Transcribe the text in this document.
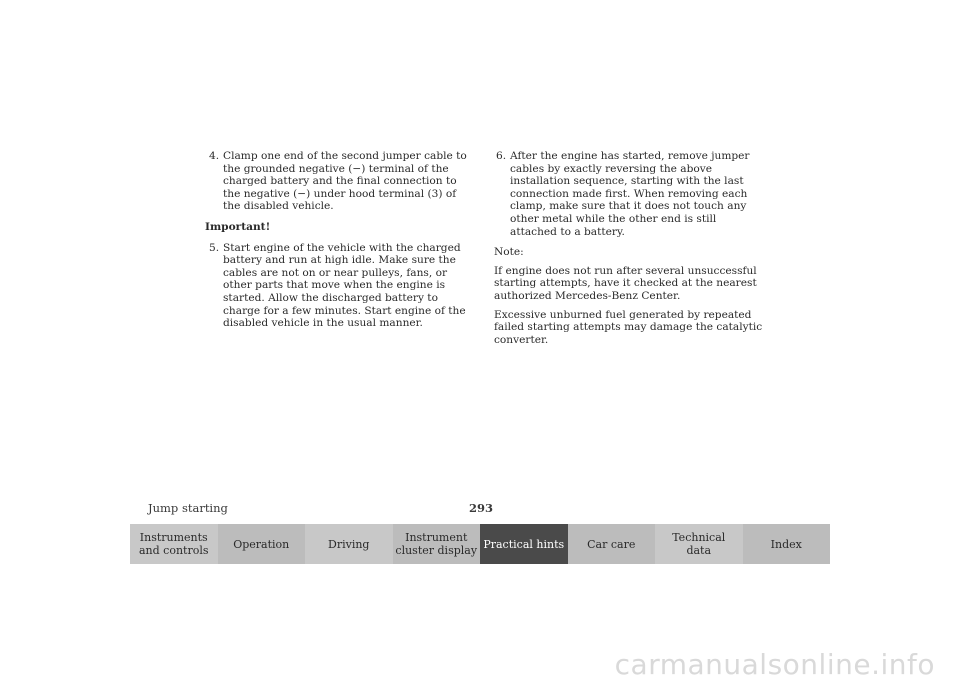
4. Clamp one end of the second jumper cable to the grounded negative (−) terminal of the charged battery and the final connection to the negative (−) under hood terminal (3) of the disabled vehicle.
Important!
5. Start engine of the vehicle with the charged battery and run at high idle. Make sure the cables are not on or near pulleys, fans, or other parts that move when the engine is started. Allow the discharged battery to charge for a few minutes. Start engine of the disabled vehicle in the usual manner.
6. After the engine has started, remove jumper cables by exactly reversing the above installation sequence, starting with the last connection made first. When removing each clamp, make sure that it does not touch any other metal while the other end is still attached to a battery.
Note:
If engine does not run after several unsuccessful starting attempts, have it checked at the nearest authorized Mercedes-Benz Center.
Excessive unburned fuel generated by repeated failed starting attempts may damage the catalytic converter.
Jump starting	293
Instruments
and controls	Operation	Driving	Instrument
cluster display Practical hints	Car care	Technical
data	Index
carmanualsonline.info
